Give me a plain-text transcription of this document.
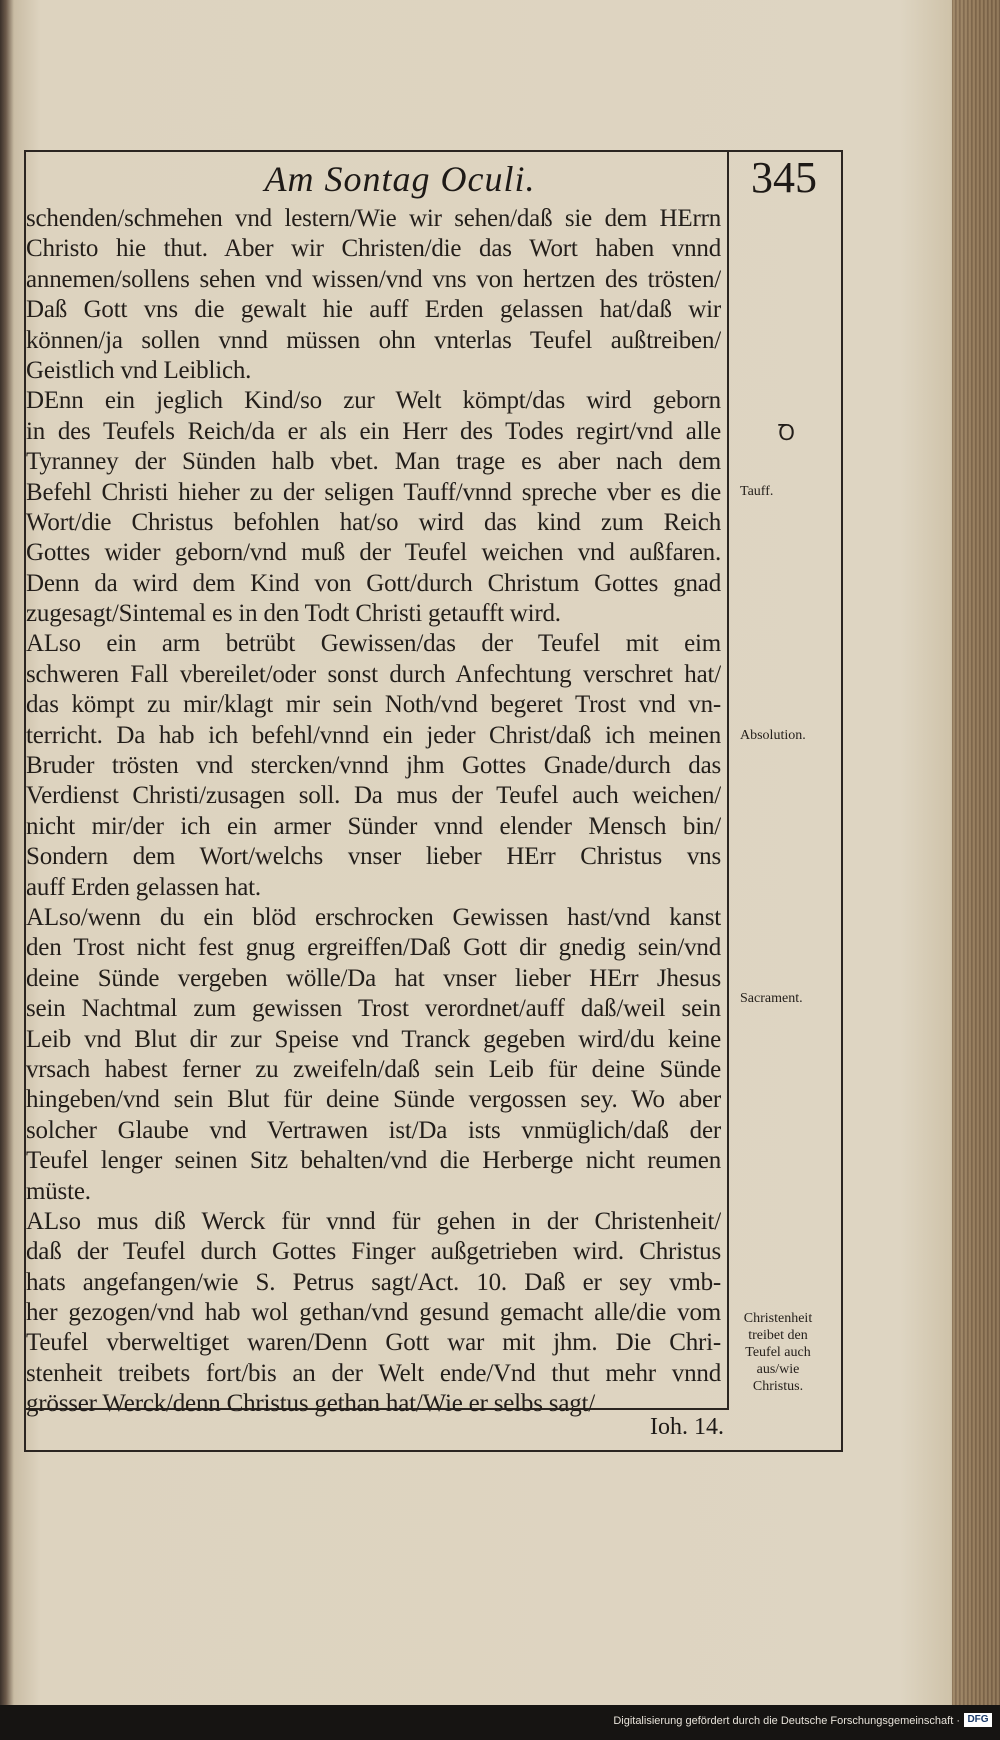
Am Sontag Oculi.	345
schenden/schmehen vnd lestern/Wie wir sehen/daß sie dem HErrn
Christo hie thut. Aber wir Christen/die das Wort haben vnnd
annemen/sollens sehen vnd wissen/vnd vns von hertzen des trösten/
Daß Gott vns die gewalt hie auff Erden gelassen hat/daß wir
können/ja sollen vnnd müssen ohn vnterlas Teufel außtreiben/
Geistlich vnd Leiblich.
DEnn ein jeglich Kind/so zur Welt kömpt/das wird geborn
in des Teufels Reich/da er als ein Herr des Todes regirt/vnd alle
Tyranney der Sünden halb vbet. Man trage es aber nach dem
Befehl Christi hieher zu der seligen Tauff/vnnd spreche vber es die
Wort/die Christus befohlen hat/so wird das kind zum Reich
Gottes wider geborn/vnd muß der Teufel weichen vnd außfaren.
Denn da wird dem Kind von Gott/durch Christum Gottes gnad
zugesagt/Sintemal es in den Todt Christi getaufft wird.
ALso ein arm betrübt Gewissen/das der Teufel mit eim
schweren Fall vbereilet/oder sonst durch Anfechtung verschret hat/
das kömpt zu mir/klagt mir sein Noth/vnd begeret Trost vnd vn-
terricht. Da hab ich befehl/vnnd ein jeder Christ/daß ich meinen
Bruder trösten vnd stercken/vnnd jhm Gottes Gnade/durch das
Verdienst Christi/zusagen soll. Da mus der Teufel auch weichen/
nicht mir/der ich ein armer Sünder vnnd elender Mensch bin/
Sondern dem Wort/welchs vnser lieber HErr Christus vns
auff Erden gelassen hat.
ALso/wenn du ein blöd erschrocken Gewissen hast/vnd kanst
den Trost nicht fest gnug ergreiffen/Daß Gott dir gnedig sein/vnd
deine Sünde vergeben wölle/Da hat vnser lieber HErr Jhesus
sein Nachtmal zum gewissen Trost verordnet/auff daß/weil sein
Leib vnd Blut dir zur Speise vnd Tranck gegeben wird/du keine
vrsach habest ferner zu zweifeln/daß sein Leib für deine Sünde
hingeben/vnd sein Blut für deine Sünde vergossen sey. Wo aber
solcher Glaube vnd Vertrawen ist/Da ists vnmüglich/daß der
Teufel lenger seinen Sitz behalten/vnd die Herberge nicht reumen
müste.
ALso mus diß Werck für vnnd für gehen in der Christenheit/
daß der Teufel durch Gottes Finger außgetrieben wird. Christus
hats angefangen/wie S. Petrus sagt/Act. 10. Daß er sey vmb-
her gezogen/vnd hab wol gethan/vnd gesund gemacht alle/die vom
Teufel vberweltiget waren/Denn Gott war mit jhm. Die Chri-
stenheit treibets fort/bis an der Welt ende/Vnd thut mehr vnnd
grösser Werck/denn Christus gethan hat/Wie er selbs sagt/
Ꝺ
Tauff.
Absolution.
Sacrament.
Christenheit treibet den Teufel auch aus/wie Christus.
Ioh. 14.
Digitalisierung gefördert durch die Deutsche Forschungsgemeinschaft · DFG
